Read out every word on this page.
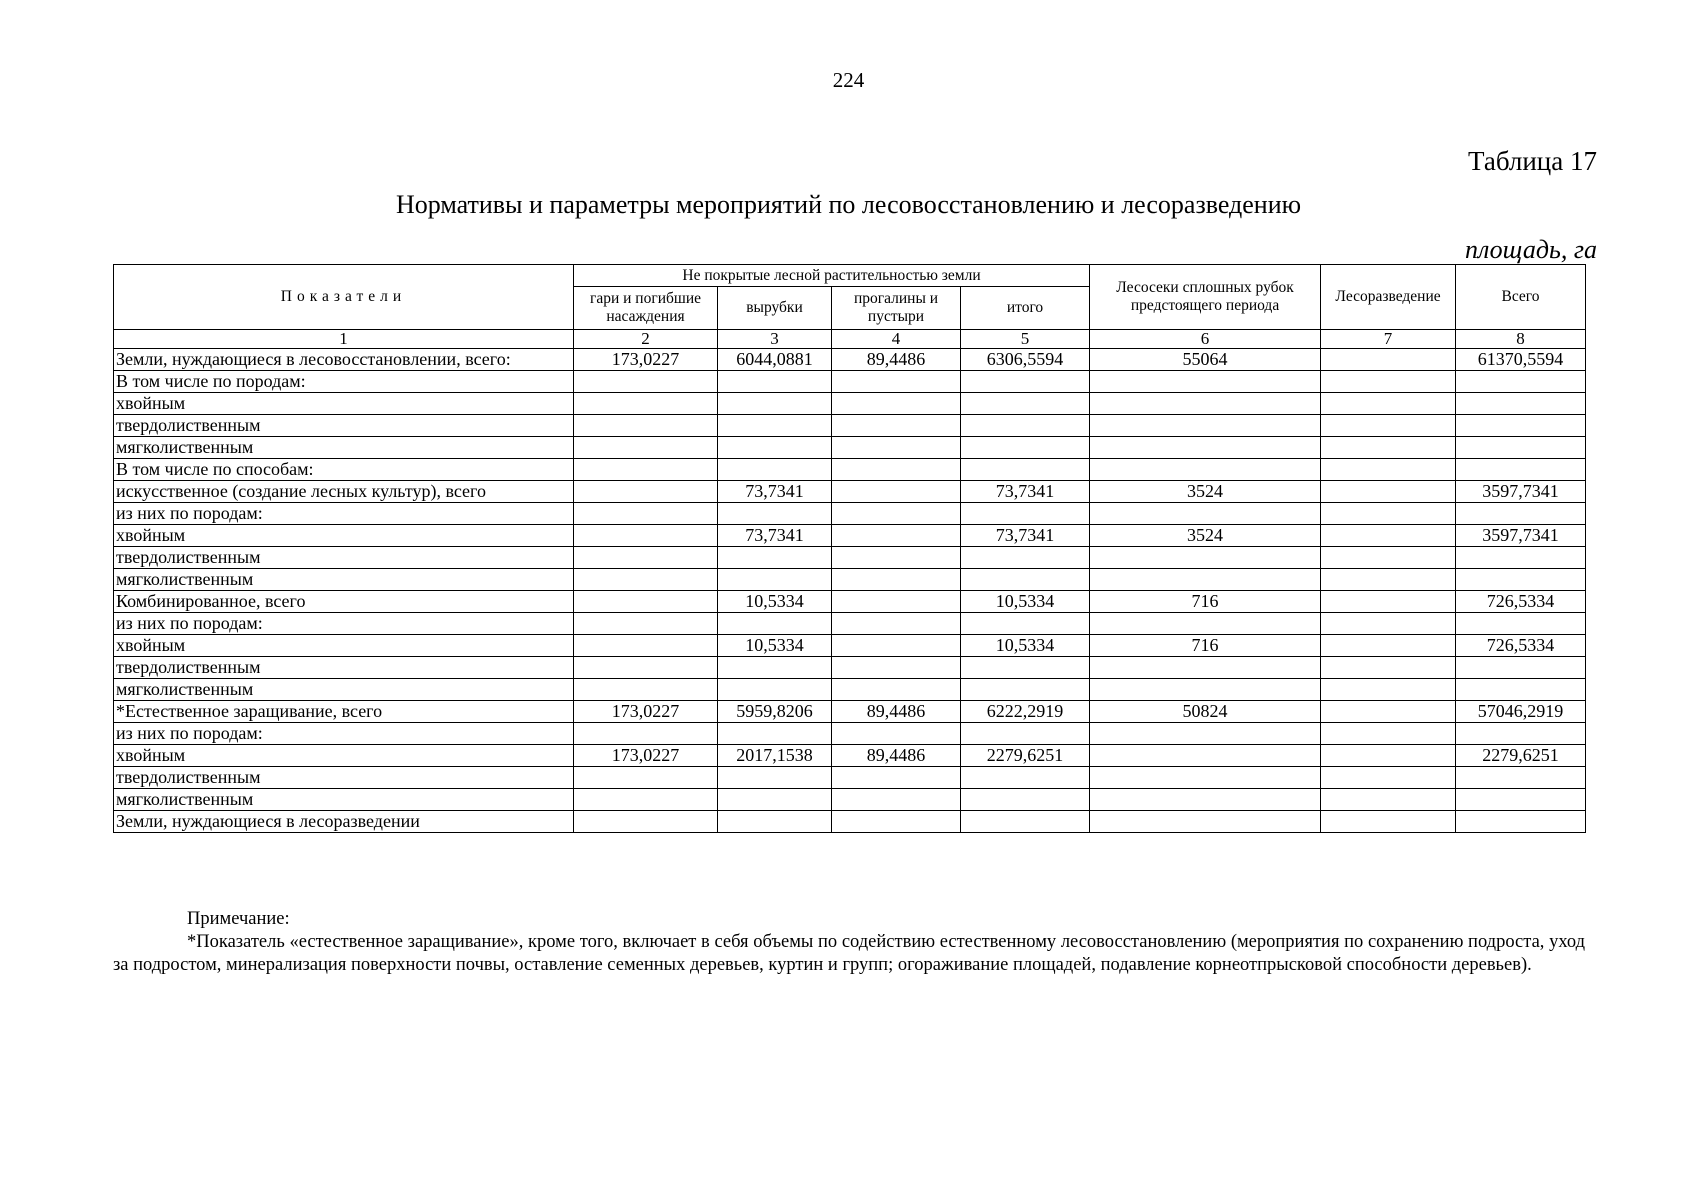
224
Таблица 17
Нормативы и параметры мероприятий по лесовосстановлению и лесоразведению
площадь, га
Показатели	Не покрытые лесной растительностью земли				Лесосеки сплошных рубок предстоящего периода	Лесоразведение	Всего
	гари и погибшие насаждения	вырубки	прогалины и пустыри	итого			
1	2	3	4	5	6	7	8
Земли, нуждающиеся в лесовосстановлении, всего:	173,0227	6044,0881	89,4486	6306,5594	55064		61370,5594
В том числе по породам:							
хвойным							
твердолиственным							
мягколиственным							
В том числе по способам:							
искусственное (создание лесных культур), всего		73,7341		73,7341	3524		3597,7341
из них по породам:							
хвойным		73,7341		73,7341	3524		3597,7341
твердолиственным							
мягколиственным							
Комбинированное, всего		10,5334		10,5334	716		726,5334
из них по породам:							
хвойным		10,5334		10,5334	716		726,5334
твердолиственным							
мягколиственным							
*Естественное заращивание, всего	173,0227	5959,8206	89,4486	6222,2919	50824		57046,2919
из них по породам:							
хвойным	173,0227	2017,1538	89,4486	2279,6251			2279,6251
твердолиственным							
мягколиственным							
Земли, нуждающиеся в лесоразведении							
Примечание:
*Показатель «естественное заращивание», кроме того, включает в себя объемы по содействию естественному лесовосстановлению (мероприятия по сохранению подроста, уход за подростом, минерализация поверхности почвы, оставление семенных деревьев, куртин и групп; огораживание площадей, подавление корнеотпрысковой способности деревьев).
